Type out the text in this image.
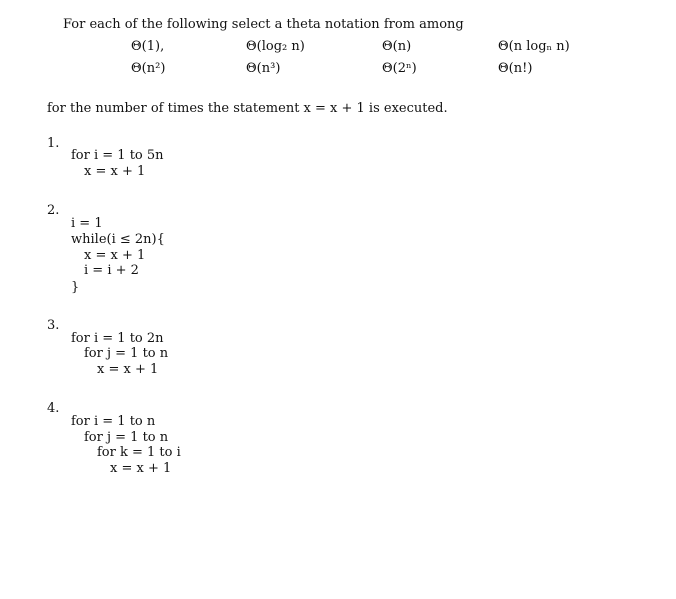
For each of the following select a theta notation from among
Θ(1),	Θ(log₂ n)	Θ(n)	Θ(n logₙ n)
Θ(n²)	Θ(n³)	Θ(2ⁿ)	Θ(n!)
for the number of times the statement x = x + 1 is executed.
1.
for i = 1 to 5n
x = x + 1
2.
i = 1
while(i ≤ 2n){
x = x + 1
i = i + 2
}
3.
for i = 1 to 2n
for j = 1 to n
x = x + 1
4.
for i = 1 to n
for j = 1 to n
for k = 1 to i
x = x + 1
